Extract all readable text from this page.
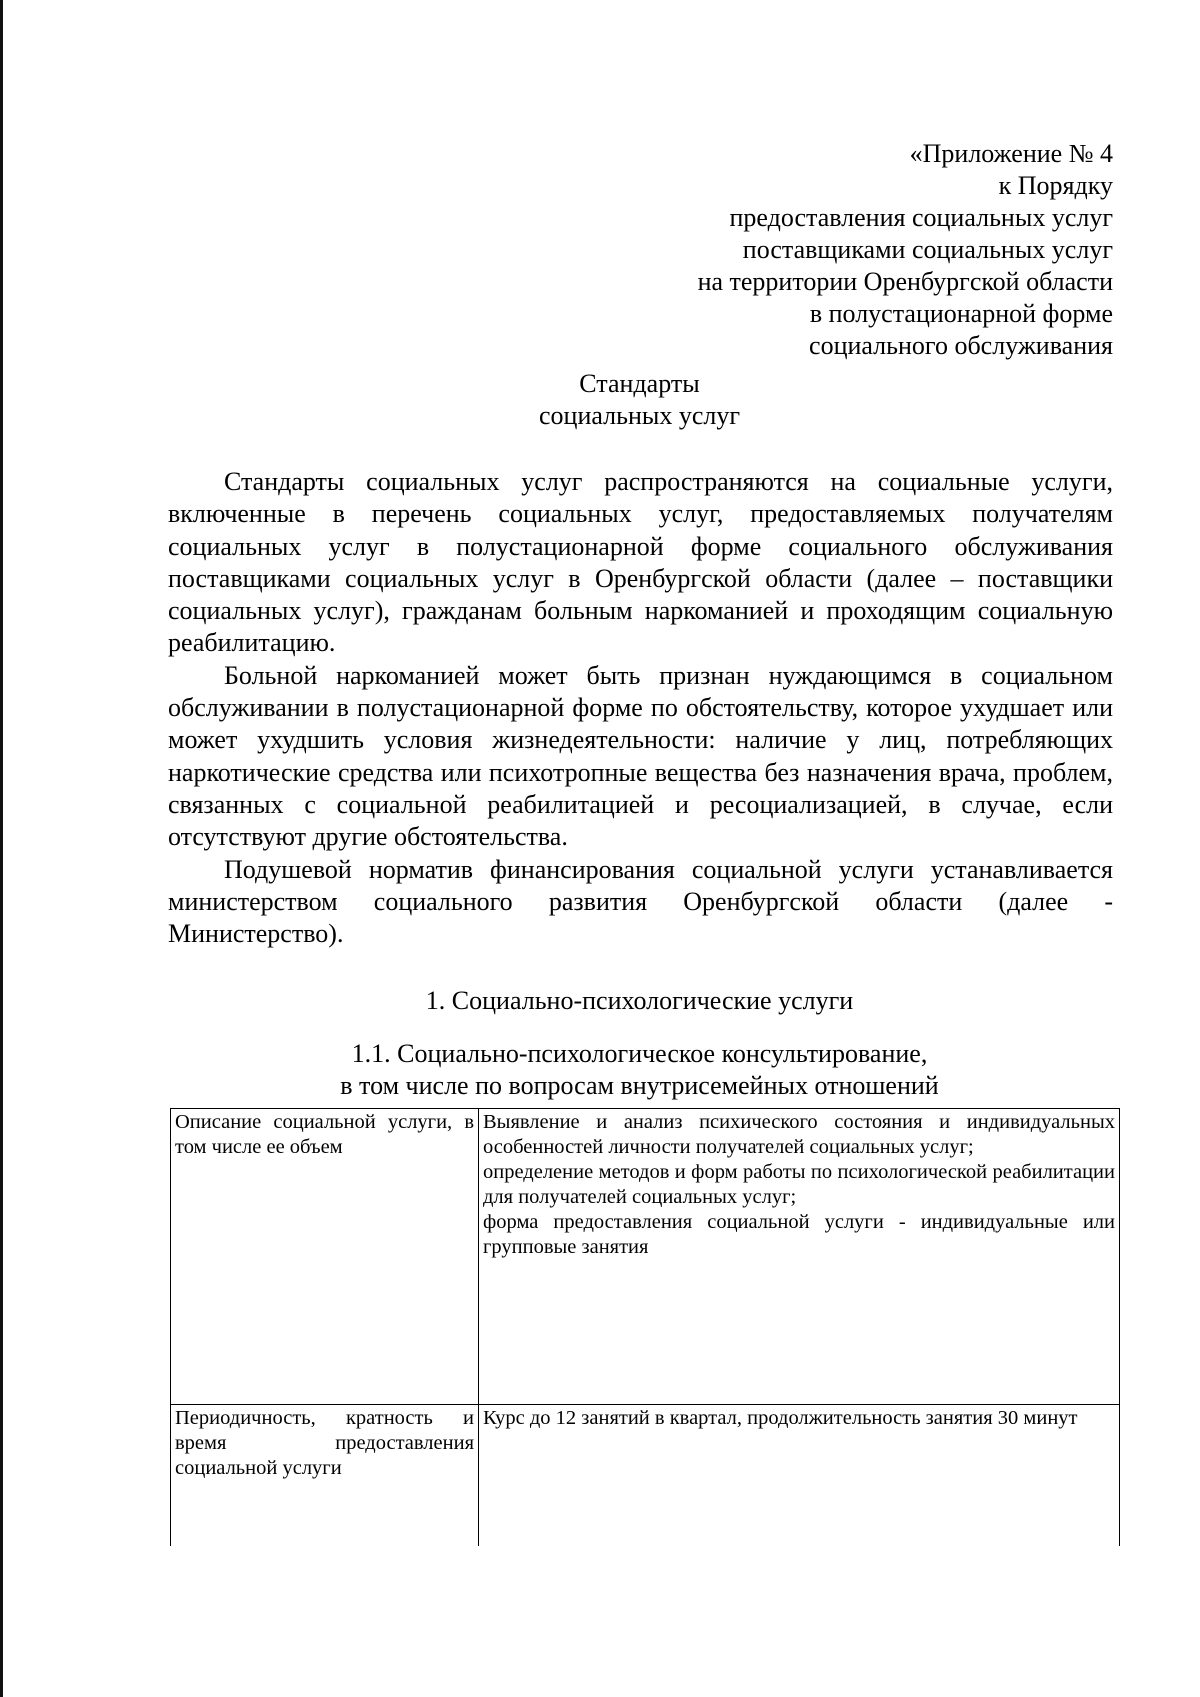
«Приложение № 4
к Порядку
предоставления социальных услуг
поставщиками социальных услуг
на территории Оренбургской области
в полустационарной форме
социального обслуживания
Стандарты
социальных услуг

Стандарты социальных услуг распространяются на социальные услуги, включенные в перечень социальных услуг, предоставляемых получателям социальных услуг в полустационарной форме социального обслуживания поставщиками социальных услуг в Оренбургской области (далее – поставщики социальных услуг), гражданам больным наркоманией и проходящим социальную реабилитацию.

Больной наркоманией может быть признан нуждающимся в социальном обслуживании в полустационарной форме по обстоятельству, которое ухудшает или может ухудшить условия жизнедеятельности: наличие у лиц, потребляющих наркотические средства или психотропные вещества без назначения врача, проблем, связанных с социальной реабилитацией и ресоциализацией, в случае, если отсутствуют другие обстоятельства.

Подушевой норматив финансирования социальной услуги устанавливается министерством социального развития Оренбургской области (далее - Министерство).

1. Социально-психологические услуги
1.1. Социально-психологическое консультирование,
в том числе по вопросам внутрисемейных отношений
Описание социальной услуги, в том числе ее объем	Выявление и анализ психического состояния и индивидуальных особенностей личности получателей социальных услуг;
определение методов и форм работы по психологической реабилитации для получателей социальных услуг;
форма предоставления социальной услуги - индивидуальные или групповые занятия

Периодичность, кратность и время предоставления социальной услуги	Курс до 12 занятий в квартал, продолжительность занятия 30 минут
